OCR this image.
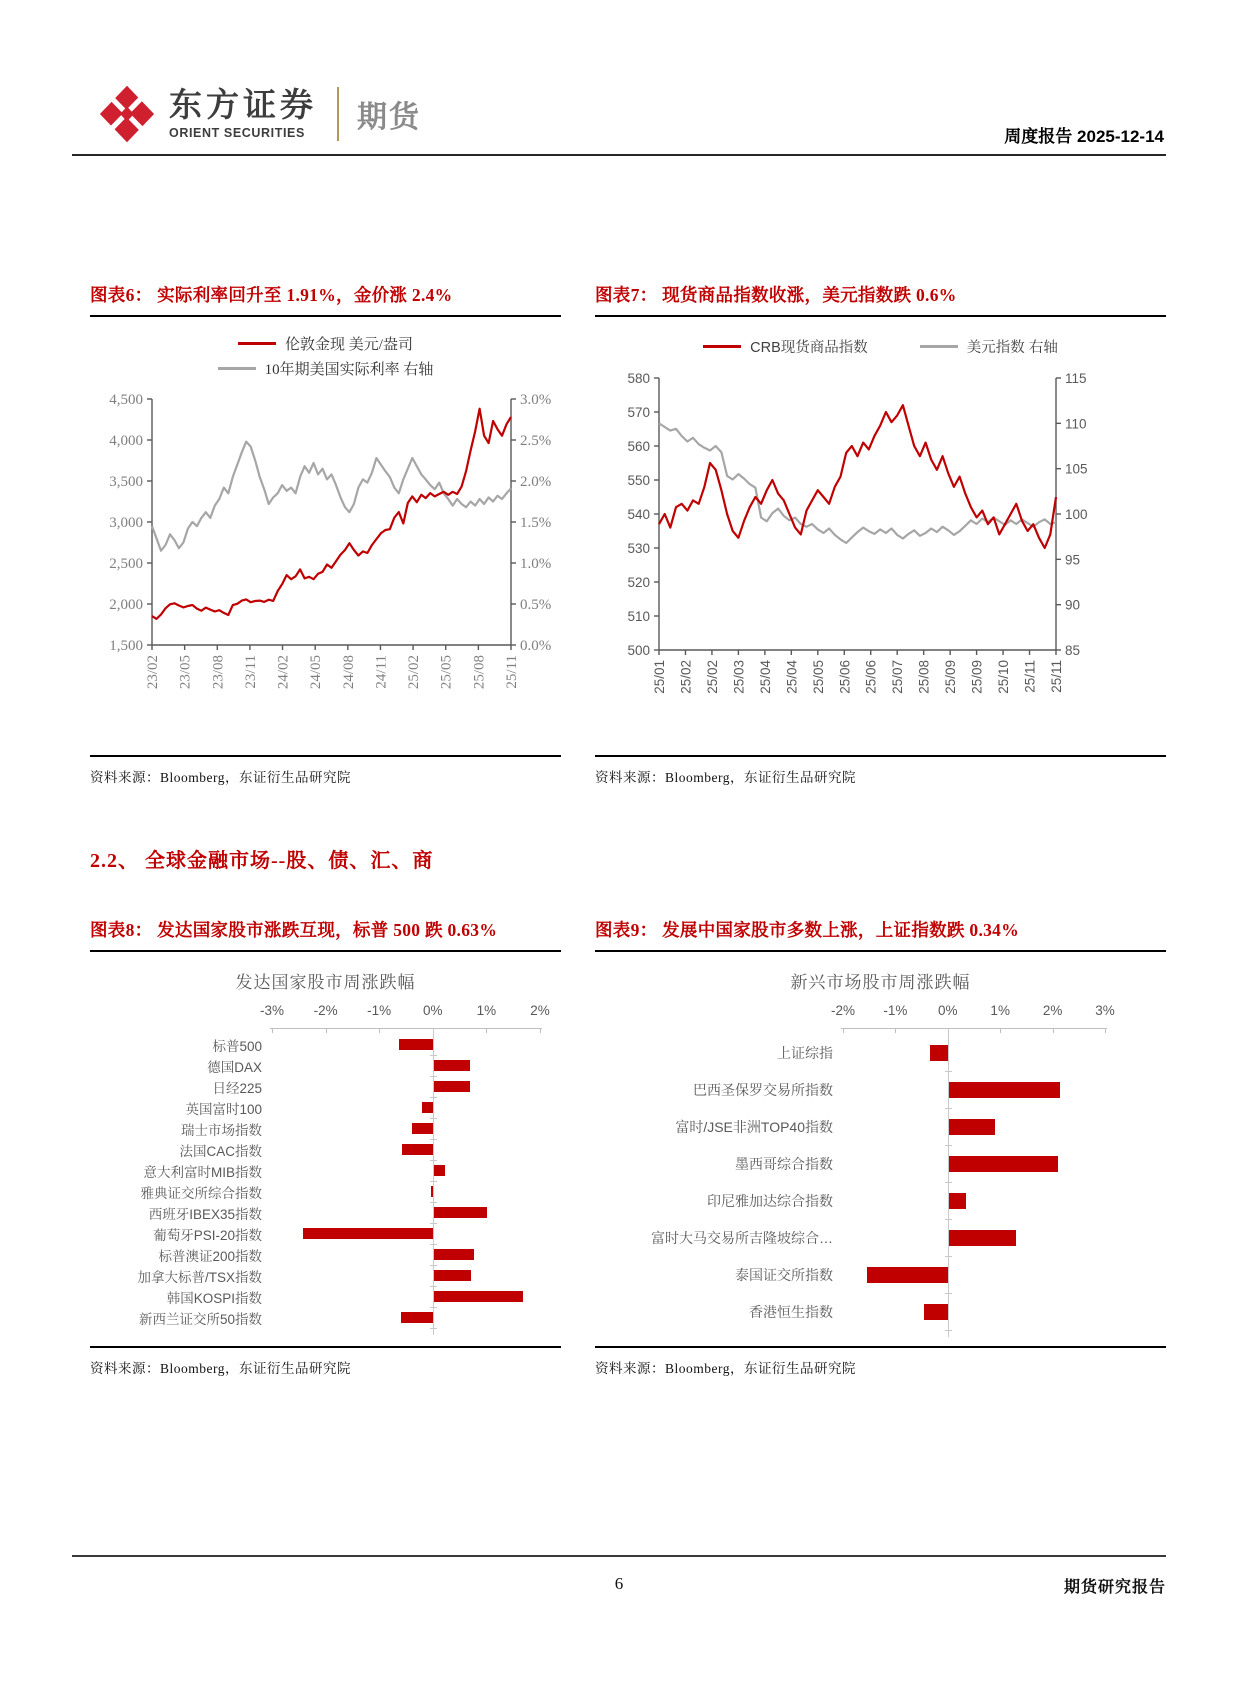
东方证券
ORIENT SECURITIES	期货
周度报告 2025-12-14
图表6： 实际利率回升至 1.91%，金价涨 2.4%
伦敦金现 美元/盎司
10年期美国实际利率 右轴
4,500
4,000
3,500
3,000
2,500
2,000
1,500
3.0%
2.5%
2.0%
1.5%
1.0%
0.5%
0.0%
23/02 23/05 23/08 23/11 24/02 24/05 24/08 24/11 25/02 25/05 25/08 25/11
资料来源：Bloomberg，东证衍生品研究院
图表7： 现货商品指数收涨，美元指数跌 0.6%
CRB现货商品指数	美元指数 右轴
580
570
560
550
540
530
520
510
500
115
110
105
100
95
90
85
25/01 25/02 25/02 25/03 25/04 25/04 25/05 25/06 25/06 25/07 25/08 25/09 25/09 25/10 25/11 25/11
资料来源：Bloomberg，东证衍生品研究院
2.2、 全球金融市场--股、债、汇、商
图表8： 发达国家股市涨跌互现，标普 500 跌 0.63%
发达国家股市周涨跌幅
-3% -2% -1% 0%	1%	2%
标普500
德国DAX
日经225
英国富时100
瑞士市场指数
法国CAC指数
意大利富时MIB指数
雅典证交所综合指数
西班牙IBEX35指数
葡萄牙PSI-20指数
标普澳证200指数
加拿大标普/TSX指数
韩国KOSPI指数
新西兰证交所50指数
资料来源：Bloomberg，东证衍生品研究院
图表9： 发展中国家股市多数上涨，上证指数跌 0.34%
新兴市场股市周涨跌幅
-2% -1% 0% 1% 2% 3%
上证综指
巴西圣保罗交易所指数
富时/JSE非洲TOP40指数
墨西哥综合指数
印尼雅加达综合指数
富时大马交易所吉隆坡综合…
泰国证交所指数
香港恒生指数
资料来源：Bloomberg，东证衍生品研究院
6	期货研究报告
